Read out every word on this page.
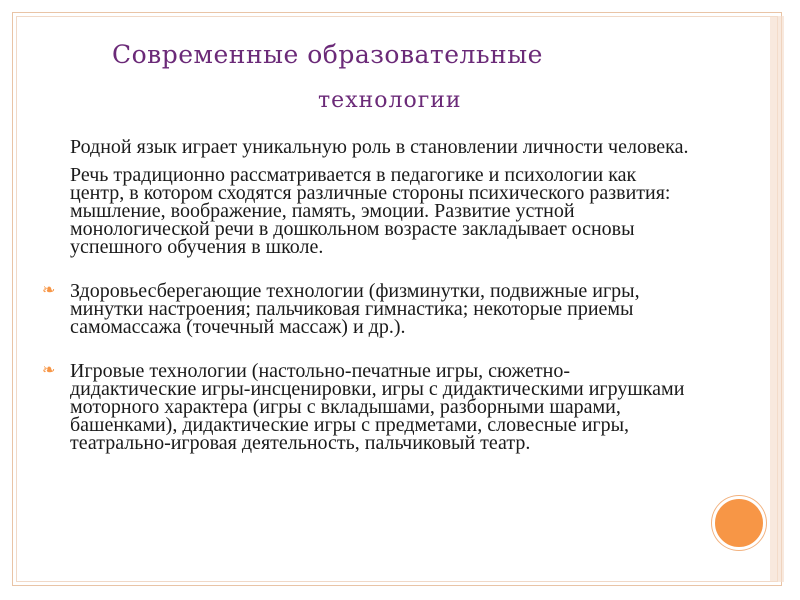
Современные образовательные
технологии

Родной язык играет уникальную роль в становлении личности человека.

Речь традиционно рассматривается в педагогике и психологии как центр, в котором сходятся различные стороны психического развития: мышление, воображение, память, эмоции. Развитие устной монологической речи в дошкольном возрасте закладывает основы успешного обучения в школе.

❧ Здоровьесберегающие технологии (физминутки, подвижные игры, минутки настроения; пальчиковая гимнастика; некоторые приемы самомассажа (точечный массаж) и др.).
❧ Игровые технологии (настольно-печатные игры, сюжетно-дидактические игры-инсценировки, игры с дидактическими игрушками моторного характера (игры с вкладышами, разборными шарами, башенками), дидактические игры с предметами, словесные игры, театрально-игровая деятельность, пальчиковый театр.
